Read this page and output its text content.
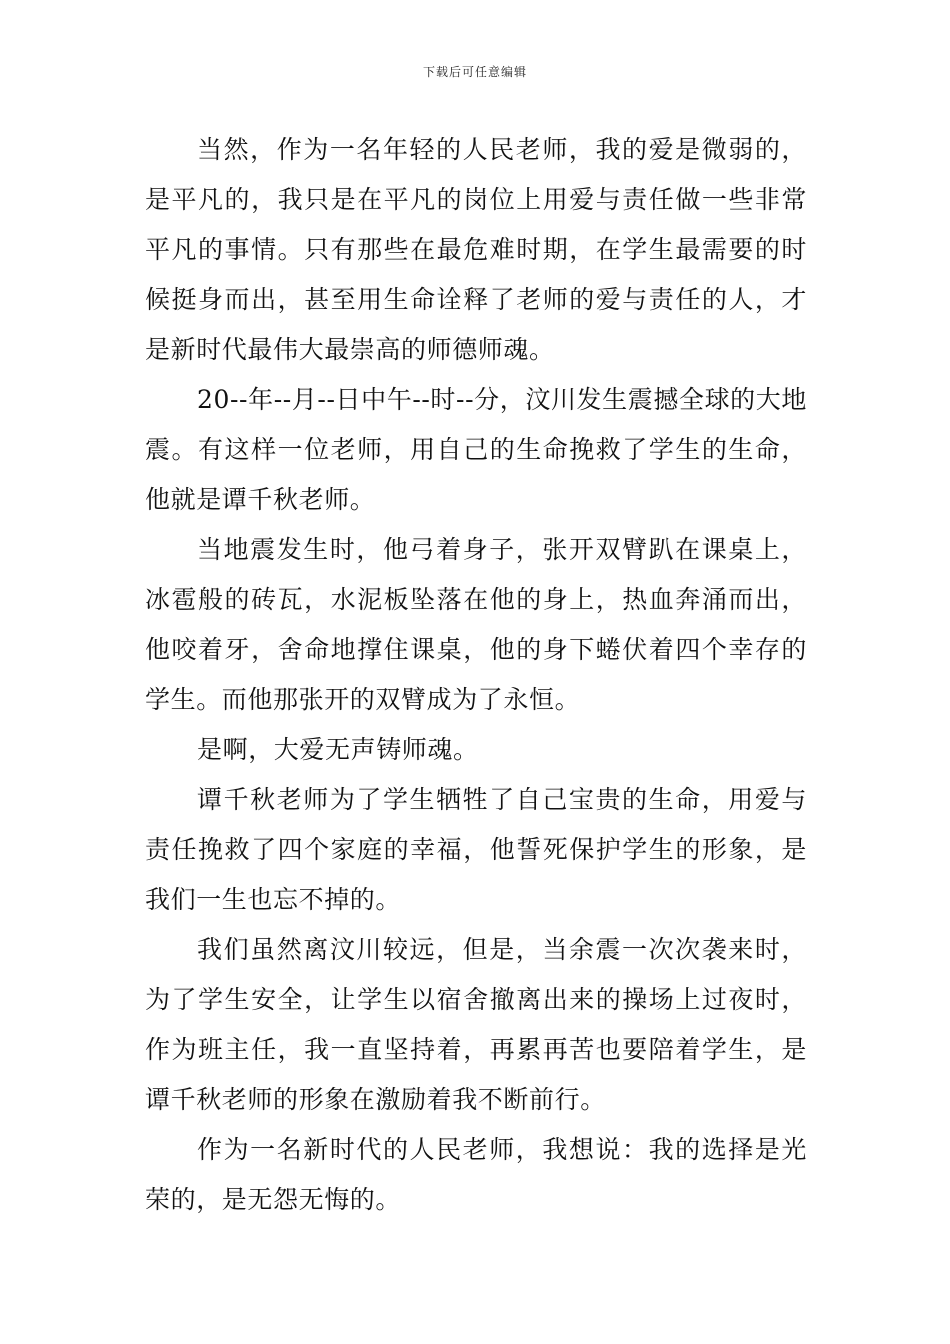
下载后可任意编辑

当然，作为一名年轻的人民老师，我的爱是微弱的，是平凡的，我只是在平凡的岗位上用爱与责任做一些非常平凡的事情。只有那些在最危难时期，在学生最需要的时候挺身而出，甚至用生命诠释了老师的爱与责任的人，才是新时代最伟大最崇高的师德师魂。

20--年--月--日中午--时--分，汶川发生震撼全球的大地震。有这样一位老师，用自己的生命挽救了学生的生命，他就是谭千秋老师。

当地震发生时，他弓着身子，张开双臂趴在课桌上，冰雹般的砖瓦，水泥板坠落在他的身上，热血奔涌而出，他咬着牙，舍命地撑住课桌，他的身下蜷伏着四个幸存的学生。而他那张开的双臂成为了永恒。

是啊，大爱无声铸师魂。

谭千秋老师为了学生牺牲了自己宝贵的生命，用爱与责任挽救了四个家庭的幸福，他誓死保护学生的形象，是我们一生也忘不掉的。

我们虽然离汶川较远，但是，当余震一次次袭来时，为了学生安全，让学生以宿舍撤离出来的操场上过夜时，作为班主任，我一直坚持着，再累再苦也要陪着学生，是谭千秋老师的形象在激励着我不断前行。

作为一名新时代的人民老师，我想说：我的选择是光荣的，是无怨无悔的。
